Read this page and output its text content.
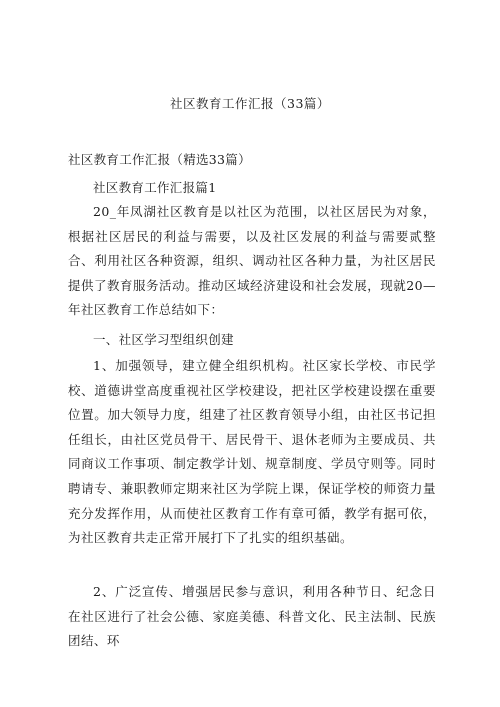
社区教育工作汇报（33篇）
社区教育工作汇报（精选33篇）
社区教育工作汇报篇1

20_年凤湖社区教育是以社区为范围，以社区居民为对象，根据社区居民的利益与需要，以及社区发展的利益与需要贰整合、利用社区各种资源，组织、调动社区各种力量，为社区居民提供了教育服务活动。推动区域经济建设和社会发展，现就20—年社区教育工作总结如下：

一、社区学习型组织创建

1、加强领导，建立健全组织机构。社区家长学校、市民学校、道德讲堂高度重视社区学校建设，把社区学校建设摆在重要位置。加大领导力度，组建了社区教育领导小组，由社区书记担任组长，由社区党员骨干、居民骨干、退休老师为主要成员、共同商议工作事项、制定教学计划、规章制度、学员守则等。同时聘请专、兼职教师定期来社区为学院上课，保证学校的师资力量充分发挥作用，从而使社区教育工作有章可循，教学有据可依，为社区教育共走正常开展打下了扎实的组织基础。

2、广泛宣传、增强居民参与意识，利用各种节日、纪念日在社区进行了社会公德、家庭美德、科普文化、民主法制、民族团结、环
